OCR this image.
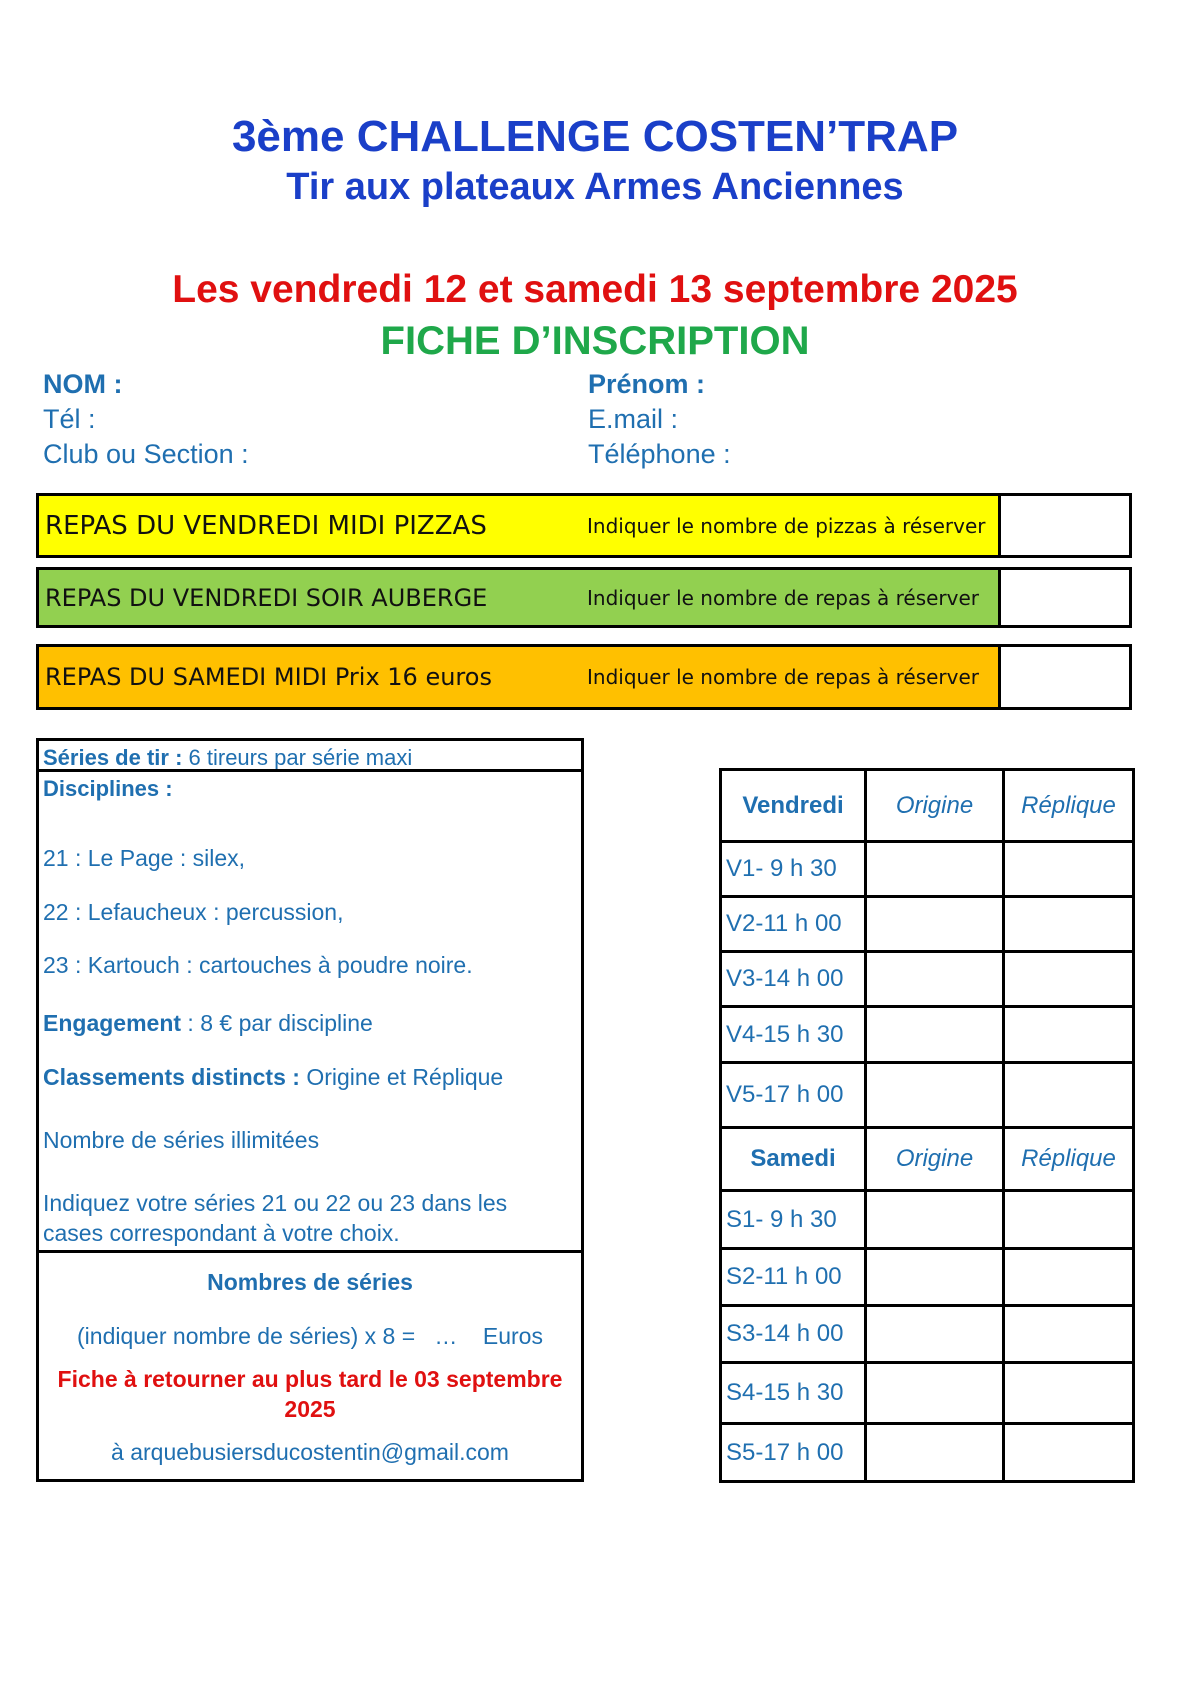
3ème CHALLENGE COSTEN’TRAP
Tir aux plateaux Armes Anciennes
Les vendredi 12 et samedi 13 septembre 2025
FICHE D’INSCRIPTION
NOM :	Prénom :
Tél :	E.mail :
Club ou Section :	Téléphone :
REPAS DU VENDREDI MIDI PIZZAS	Indiquer le nombre de pizzas à réserver
REPAS DU VENDREDI SOIR AUBERGE	Indiquer le nombre de repas à réserver
REPAS DU SAMEDI MIDI Prix 16 euros	Indiquer le nombre de repas à réserver
Séries de tir : 6 tireurs par série maxi
Disciplines :
21 : Le Page : silex,
22 : Lefaucheux : percussion,
23 : Kartouch : cartouches à poudre noire.
Engagement : 8 € par discipline
Classements distincts : Origine et Réplique
Nombre de séries illimitées
Indiquez votre séries 21 ou 22 ou 23 dans les
cases correspondant à votre choix.
Nombres de séries
(indiquer nombre de séries) x 8 = … Euros
Fiche à retourner au plus tard le 03 septembre
2025
à arquebusiersducostentin@gmail.com
Vendredi	Origine	Réplique
V1- 9 h 30		
V2-11 h 00		
V3-14 h 00		
V4-15 h 30		
V5-17 h 00		
Samedi	Origine	Réplique
S1- 9 h 30		
S2-11 h 00		
S3-14 h 00		
S4-15 h 30		
S5-17 h 00		
